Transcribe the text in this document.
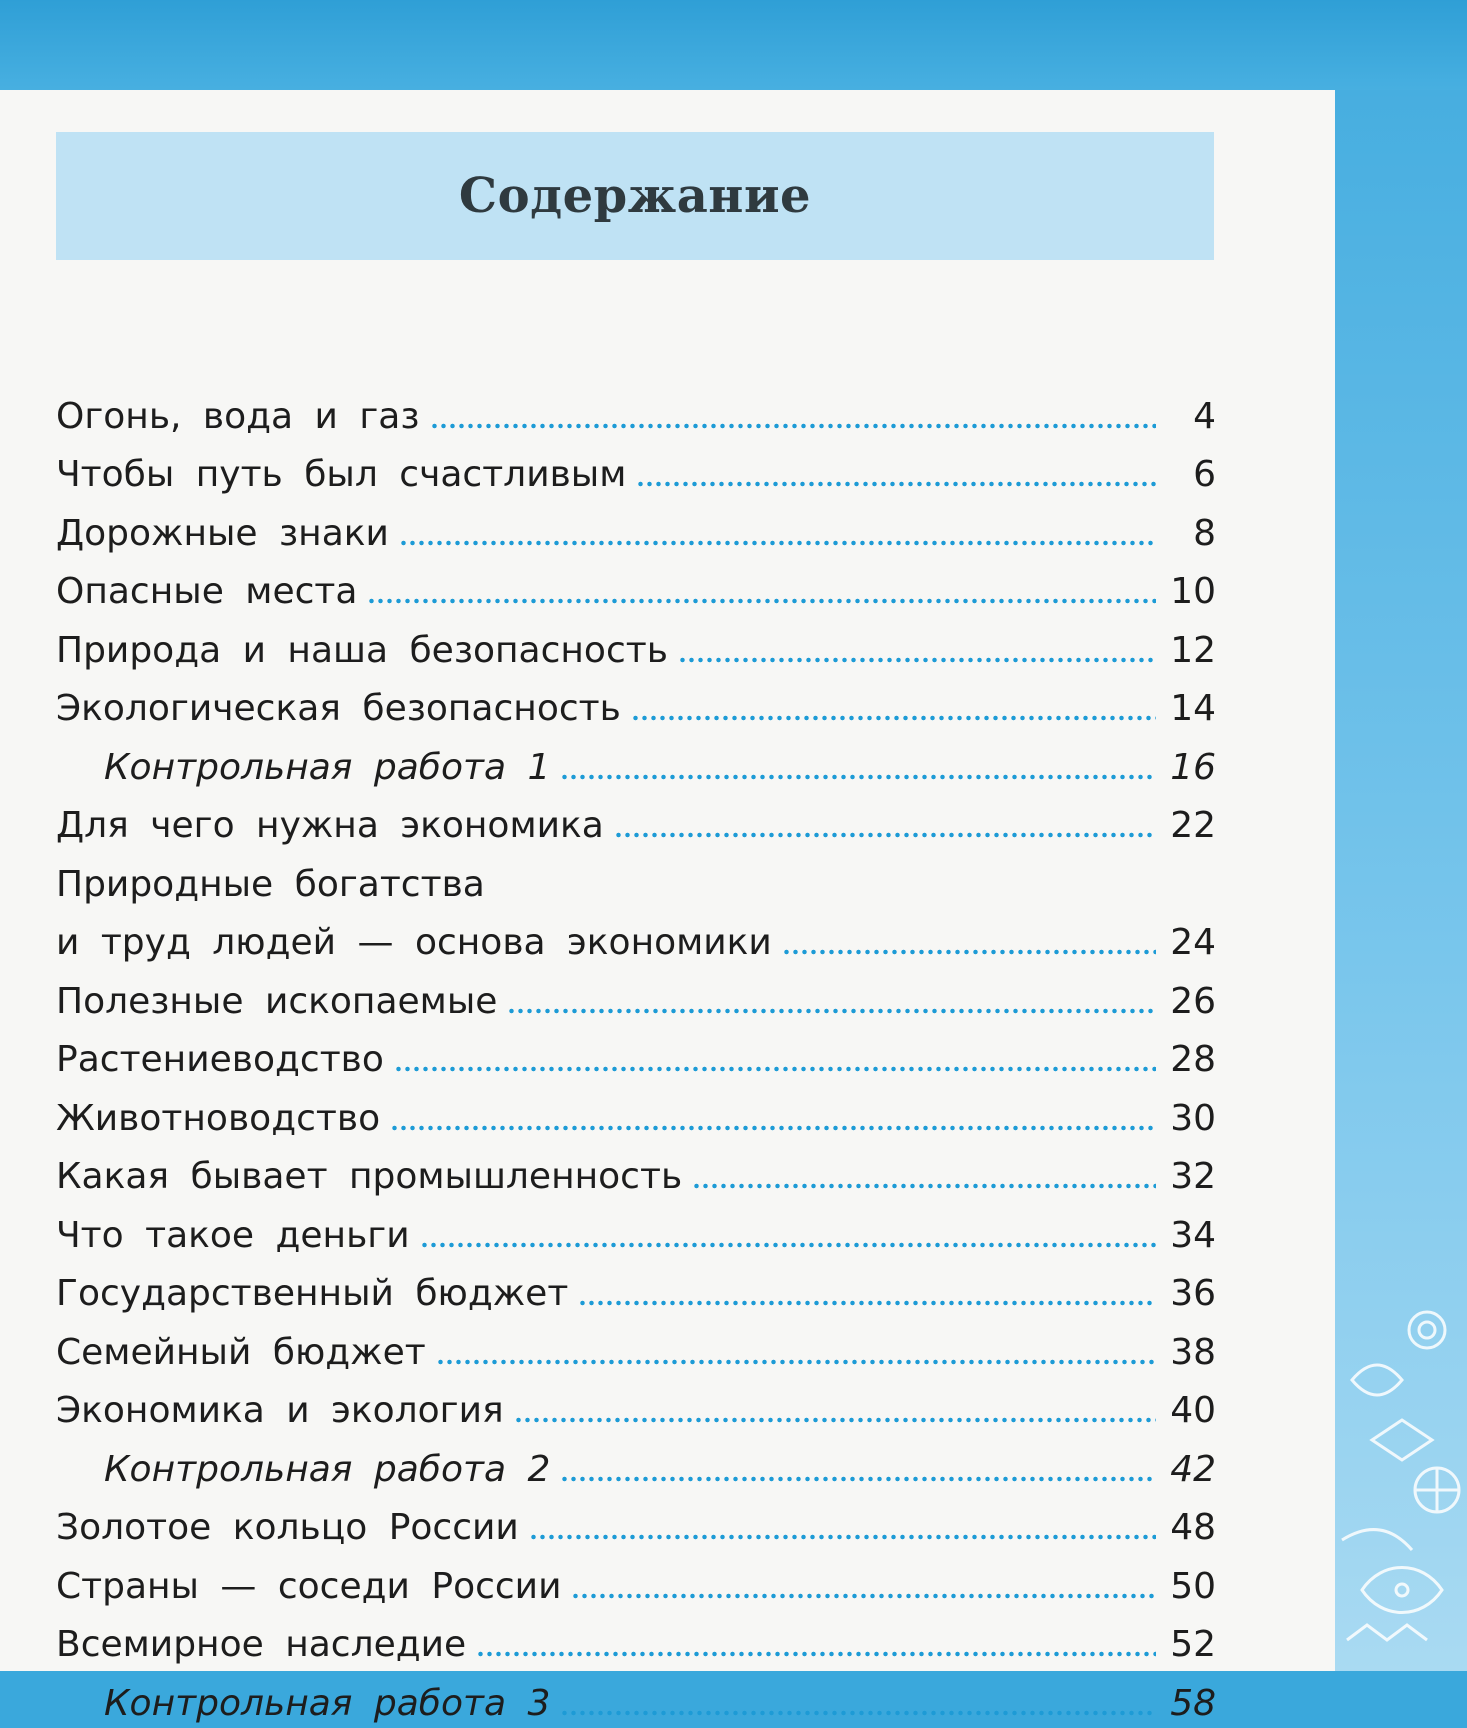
Содержание
Огонь, вода и газ	4
Чтобы путь был счастливым	6
Дорожные знаки	8
Опасные места	10
Природа и наша безопасность	12
Экологическая безопасность	14
Контрольная работа 1	16
Для чего нужна экономика	22
Природные богатства
и труд людей — основа экономики	24
Полезные ископаемые	26
Растениеводство	28
Животноводство	30
Какая бывает промышленность	32
Что такое деньги	34
Государственный бюджет	36
Семейный бюджет	38
Экономика и экология	40
Контрольная работа 2	42
Золотое кольцо России	48
Страны — соседи России	50
Всемирное наследие	52
Контрольная работа 3	58
